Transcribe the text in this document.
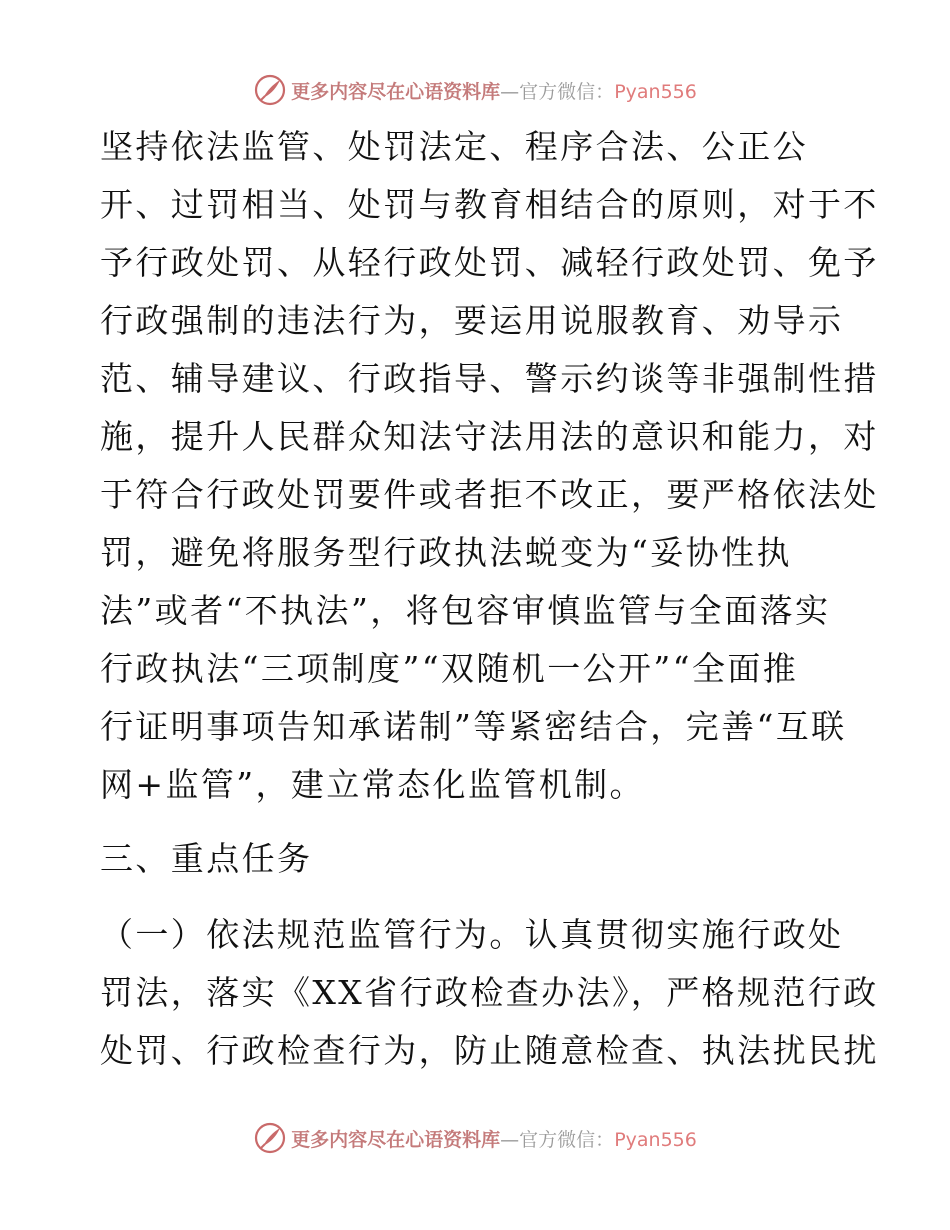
更多内容尽在心语资料库—官方微信：Pyan556
坚持依法监管、处罚法定、程序合法、公正公
开、过罚相当、处罚与教育相结合的原则，对于不
予行政处罚、从轻行政处罚、减轻行政处罚、免予
行政强制的违法行为，要运用说服教育、劝导示
范、辅导建议、行政指导、警示约谈等非强制性措
施，提升人民群众知法守法用法的意识和能力，对
于符合行政处罚要件或者拒不改正，要严格依法处
罚，避免将服务型行政执法蜕变为“妥协性执
法”或者“不执法”，将包容审慎监管与全面落实
行政执法“三项制度”“双随机一公开”“全面推
行证明事项告知承诺制”等紧密结合，完善“互联
网+监管”，建立常态化监管机制。
三、重点任务
（一）依法规范监管行为。认真贯彻实施行政处
罚法，落实《XX省行政检查办法》，严格规范行政
处罚、行政检查行为，防止随意检查、执法扰民扰
更多内容尽在心语资料库—官方微信：Pyan556
